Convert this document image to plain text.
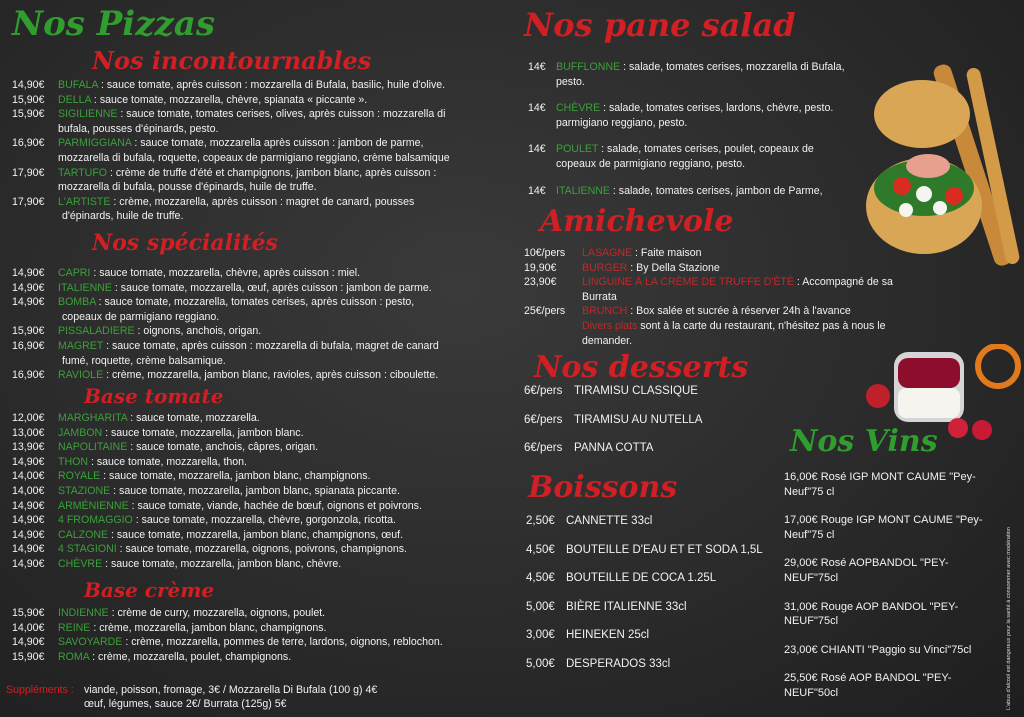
Nos Pizzas
Nos incontournables
14,90€ BUFALA : sauce tomate, après cuisson : mozzarella di Bufala, basilic, huile d'olive.
15,90€ DELLA : sauce tomate, mozzarella, chèvre, spianata « piccante ».
15,90€ SIGILIENNE : sauce tomate, tomates cerises, olives, après cuisson : mozzarella di
bufala, pousses d'épinards, pesto.
16,90€ PARMIGGIANA : sauce tomate, mozzarella après cuisson : jambon de parme,
mozzarella di bufala, roquette, copeaux de parmigiano reggiano, crème balsamique
17,90€ TARTUFO : crème de truffe d'été et champignons, jambon blanc, après cuisson :
mozzarella di bufala, pousse d'épinards, huile de truffe.
17,90€ L'ARTISTE : crème, mozzarella, après cuisson : magret de canard, pousses
d'épinards, huile de truffe.
Nos spécialités
14,90€ CAPRI : sauce tomate, mozzarella, chèvre, après cuisson : miel.
14,90€ ITALIENNE : sauce tomate, mozzarella, œuf, après cuisson : jambon de parme.
14,90€ BOMBA : sauce tomate, mozzarella, tomates cerises, après cuisson : pesto,
copeaux de parmigiano reggiano.
15,90€ PISSALADIERE : oignons, anchois, origan.
16,90€ MAGRET : sauce tomate, après cuisson : mozzarella di bufala, magret de canard
fumé, roquette, crème balsamique.
16,90€ RAVIOLE : crème, mozzarella, jambon blanc, ravioles, après cuisson : ciboulette.
Base tomate
12,00€ MARGHARITA : sauce tomate, mozzarella.
13,00€ JAMBON : sauce tomate, mozzarella, jambon blanc.
13,90€ NAPOLITAINE : sauce tomate, anchois, câpres, origan.
14,90€ THON : sauce tomate, mozzarella, thon.
14,00€ ROYALE : sauce tomate, mozzarella, jambon blanc, champignons.
14,00€ STAZIONE : sauce tomate, mozzarella, jambon blanc, spianata piccante.
14,90€ ARMÉNIENNE : sauce tomate, viande, hachée de bœuf, oignons et poivrons.
14,90€ 4 FROMAGGIO : sauce tomate, mozzarella, chèvre, gorgonzola, ricotta.
14,90€ CALZONE : sauce tomate, mozzarella, jambon blanc, champignons, œuf.
14,90€ 4 STAGIONI : sauce tomate, mozzarella, oignons, poivrons, champignons.
14,90€ CHÈVRE : sauce tomate, mozzarella, jambon blanc, chèvre.
Base crème
15,90€ INDIENNE : crème de curry, mozzarella, oignons, poulet.
14,00€ REINE : crème, mozzarella, jambon blanc, champignons.
14,90€ SAVOYARDE : crème, mozzarella, pommes de terre, lardons, oignons, reblochon.
15,90€ ROMA : crème, mozzarella, poulet, champignons.
Suppléments : viande, poisson, fromage, 3€ / Mozzarella Di Bufala (100 g) 4€
œuf, légumes, sauce 2€/ Burrata (125g) 5€
Nos pane salad
14€ BUFFLONNE : salade, tomates cerises, mozzarella di Bufala,
pesto.
14€ CHÈVRE : salade, tomates cerises, lardons, chèvre, pesto.
parmigiano reggiano, pesto.
14€ POULET : salade, tomates cerises, poulet, copeaux de
copeaux de parmigiano reggiano, pesto.
14€ ITALIENNE : salade, tomates cerises, jambon de Parme,
Amichevole
10€/pers LASAGNE : Faite maison
19,90€ BURGER : By Della Stazione
23,90€ LINGUINE À LA CRÈME DE TRUFFE D'ÉTÉ : Accompagné de sa
Burrata
25€/pers BRUNCH : Box salée et sucrée à réserver 24h à l'avance
Divers plats sont à la carte du restaurant, n'hésitez pas à nous le
demander.
Nos desserts
6€/pers TIRAMISU CLASSIQUE
6€/pers TIRAMISU AU NUTELLA
6€/pers PANNA COTTA
Boissons
2,50€ CANNETTE 33cl
4,50€ BOUTEILLE D'EAU ET ET SODA 1,5L
4,50€ BOUTEILLE DE COCA 1.25L
5,00€ BIÈRE ITALIENNE 33cl
3,00€ HEINEKEN 25cl
5,00€ DESPERADOS 33cl
Nos Vins
16,00€ Rosé IGP MONT CAUME "Pey-
Neuf"75 cl
17,00€ Rouge IGP MONT CAUME "Pey-
Neuf"75 cl
29,00€ Rosé AOPBANDOL "PEY-
NEUF"75cl
31,00€ Rouge AOP BANDOL "PEY-
NEUF"75cl
23,00€ CHIANTI "Paggio su Vinci"75cl
25,50€ Rosé AOP BANDOL "PEY-
NEUF"50cl	L'abus d'alcool est dangereux pour la santé à consommer avec modération
